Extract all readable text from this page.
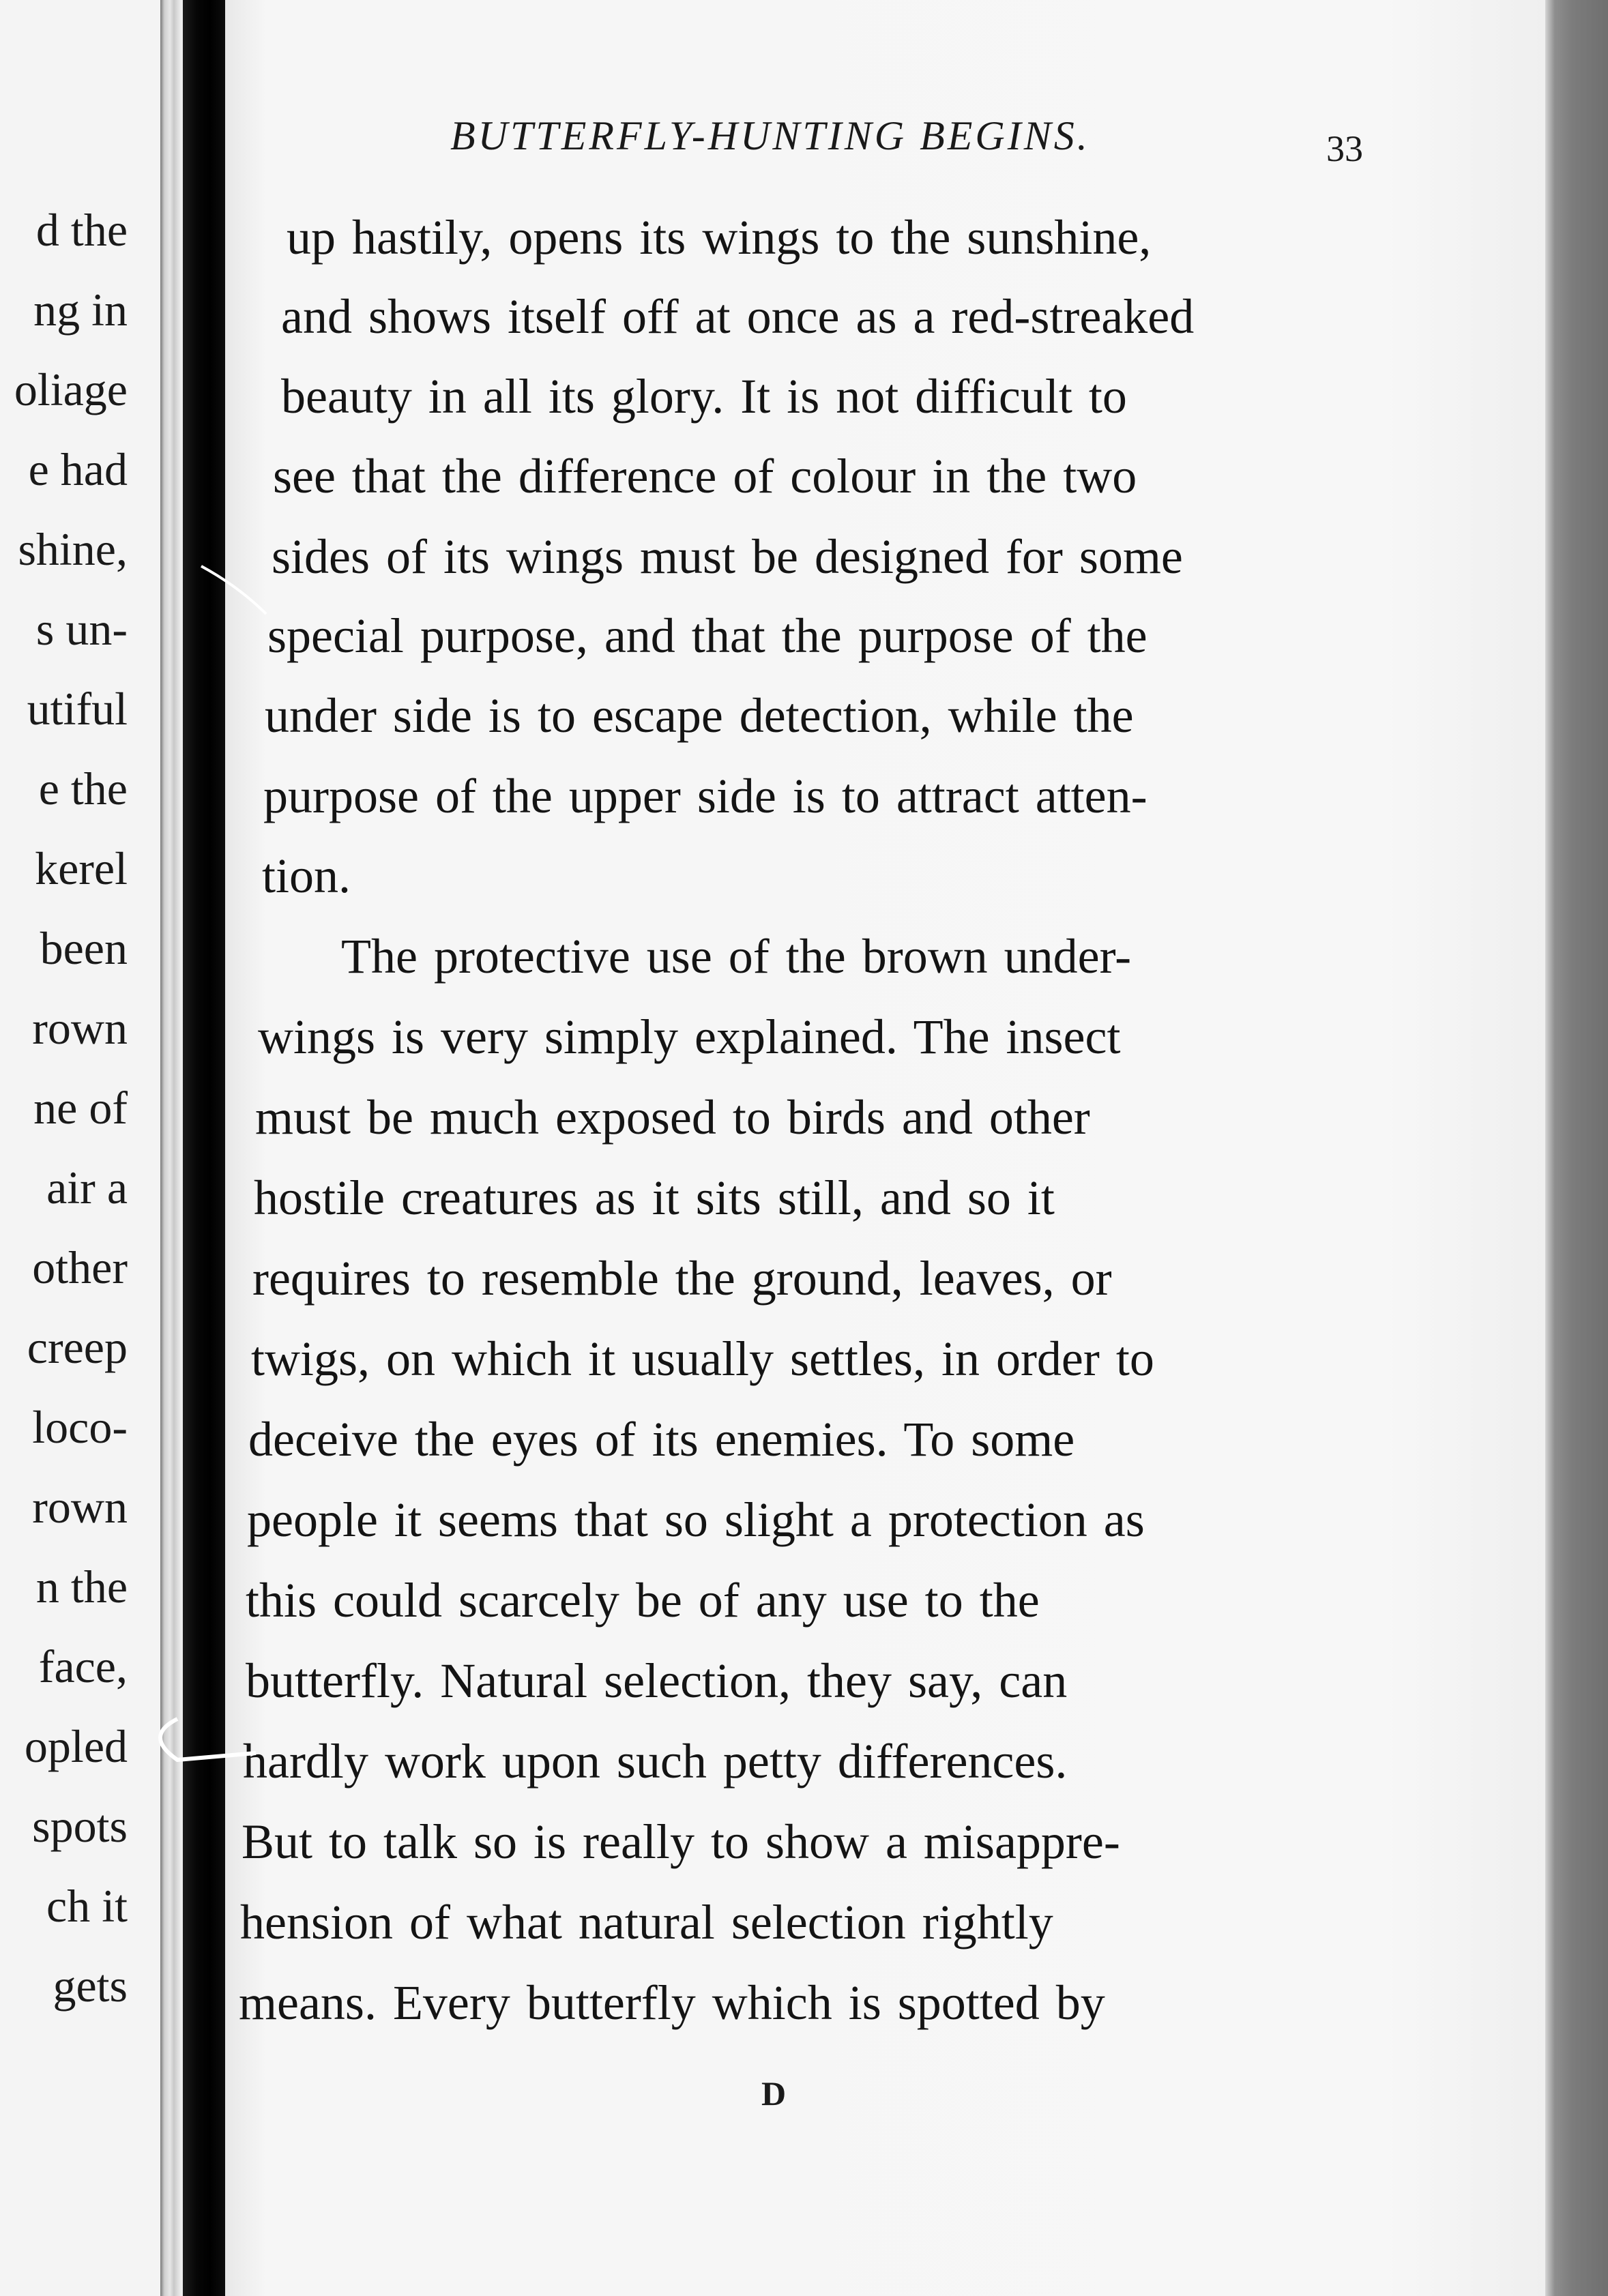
d the
ng in
oliage
e had
shine,
s un-
utiful
e the
kerel
been
rown
ne of
air a
other
creep
loco-
rown
n the
face,
opled
spots
ch it
gets
BUTTERFLY-HUNTING BEGINS.	33
up hastily, opens its wings to the sunshine,
and shows itself off at once as a red-streaked
beauty in all its glory. It is not difficult to
see that the difference of colour in the two
sides of its wings must be designed for some
special purpose, and that the purpose of the
under side is to escape detection, while the
purpose of the upper side is to attract atten-
tion.
The protective use of the brown under-
wings is very simply explained. The insect
must be much exposed to birds and other
hostile creatures as it sits still, and so it
requires to resemble the ground, leaves, or
twigs, on which it usually settles, in order to
deceive the eyes of its enemies. To some
people it seems that so slight a protection as
this could scarcely be of any use to the
butterfly. Natural selection, they say, can
hardly work upon such petty differences.
But to talk so is really to show a misappre-
hension of what natural selection rightly
means. Every butterfly which is spotted by
D
